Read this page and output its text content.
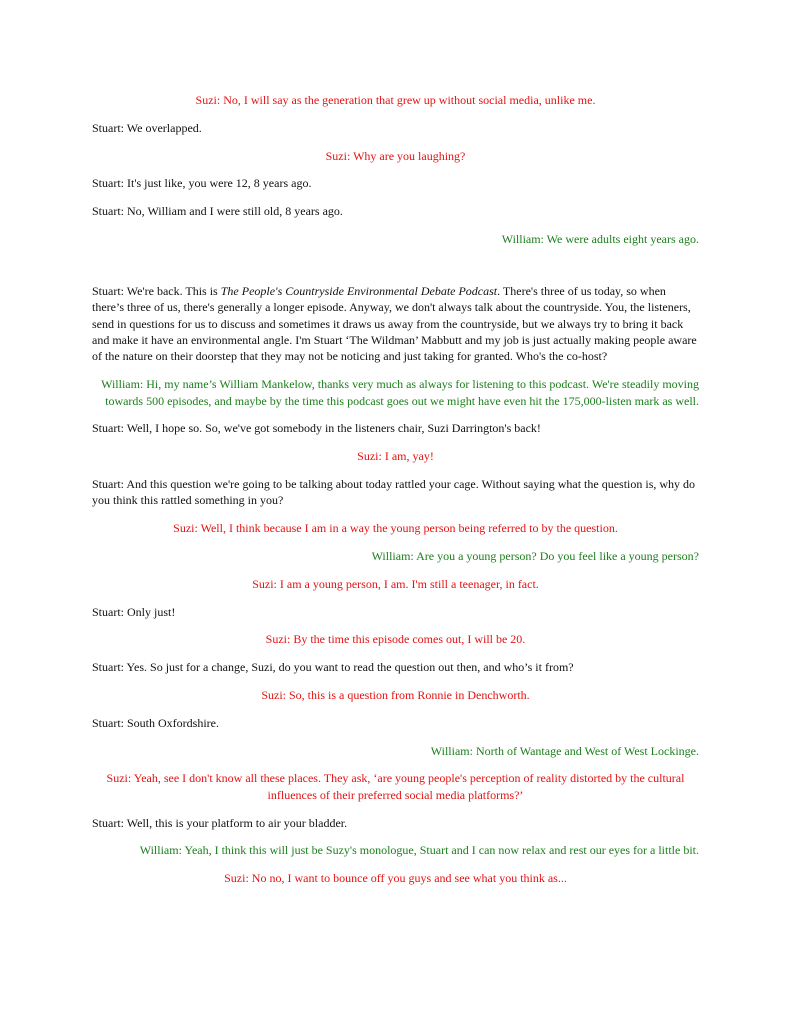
Suzi: No, I will say as the generation that grew up without social media, unlike me.

Stuart: We overlapped.

Suzi: Why are you laughing?

Stuart: It's just like, you were 12, 8 years ago.

Stuart: No, William and I were still old, 8 years ago.

William: We were adults eight years ago.

Stuart: We're back. This is The People's Countryside Environmental Debate Podcast. There's three of us today, so when there’s three of us, there's generally a longer episode. Anyway, we don't always talk about the countryside. You, the listeners, send in questions for us to discuss and sometimes it draws us away from the countryside, but we always try to bring it back and make it have an environmental angle. I'm Stuart ‘The Wildman’ Mabbutt and my job is just actually making people aware of the nature on their doorstep that they may not be noticing and just taking for granted. Who's the co-host?

William: Hi, my name’s William Mankelow, thanks very much as always for listening to this podcast. We're steadily moving towards 500 episodes, and maybe by the time this podcast goes out we might have even hit the 175,000-listen mark as well.

Stuart: Well, I hope so. So, we've got somebody in the listeners chair, Suzi Darrington's back!

Suzi: I am, yay!

Stuart: And this question we're going to be talking about today rattled your cage. Without saying what the question is, why do you think this rattled something in you?

Suzi: Well, I think because I am in a way the young person being referred to by the question.

William: Are you a young person? Do you feel like a young person?

Suzi: I am a young person, I am. I'm still a teenager, in fact.

Stuart: Only just!

Suzi: By the time this episode comes out, I will be 20.

Stuart: Yes. So just for a change, Suzi, do you want to read the question out then, and who’s it from?

Suzi: So, this is a question from Ronnie in Denchworth.

Stuart: South Oxfordshire.

William: North of Wantage and West of West Lockinge.

Suzi: Yeah, see I don't know all these places. They ask, ‘are young people's perception of reality distorted by the cultural influences of their preferred social media platforms?’

Stuart: Well, this is your platform to air your bladder.

William: Yeah, I think this will just be Suzy's monologue, Stuart and I can now relax and rest our eyes for a little bit.

Suzi: No no, I want to bounce off you guys and see what you think as...
